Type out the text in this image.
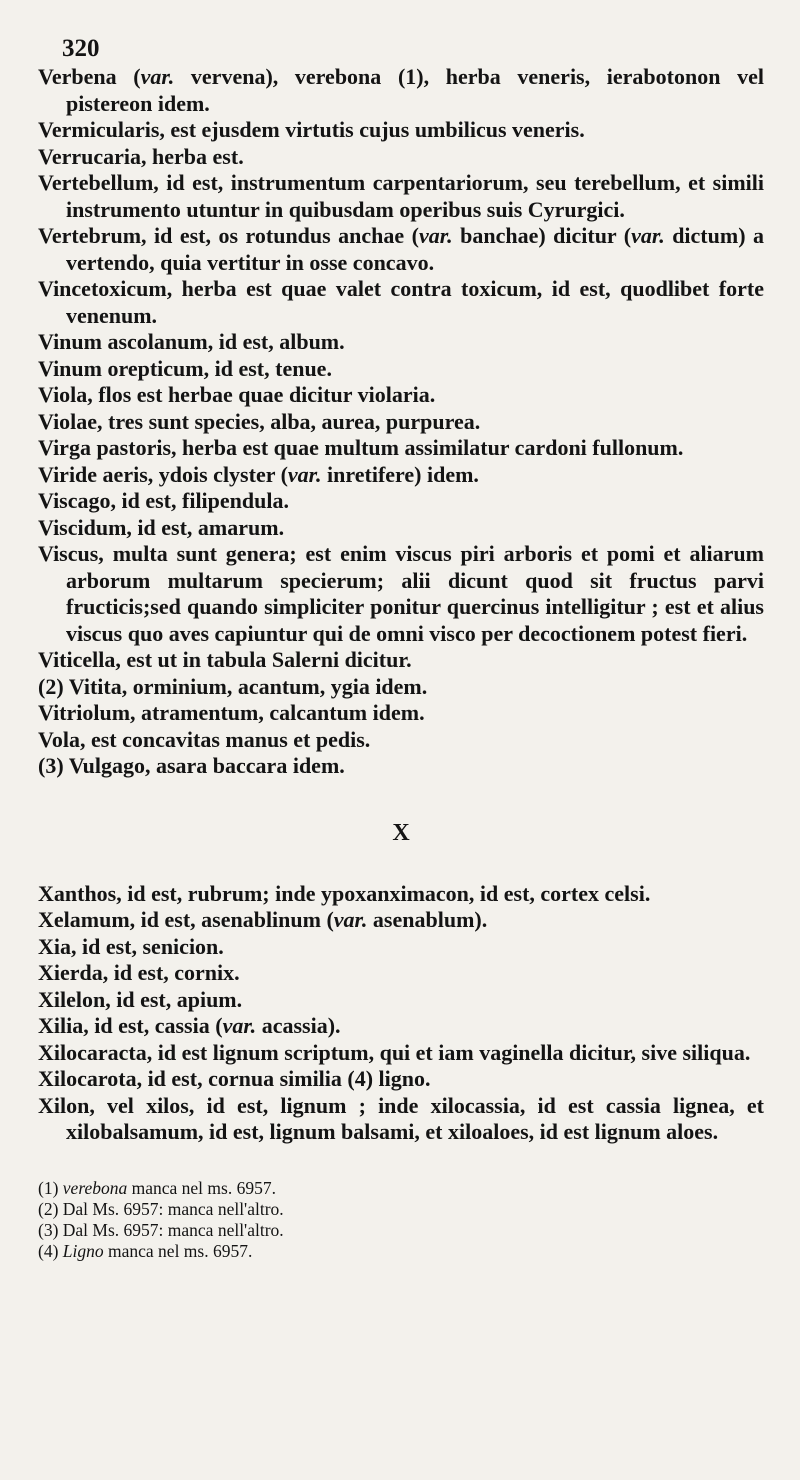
320

Verbena (var. vervena), verebona (1), herba veneris, ierabotonon vel pistereon idem.

Vermicularis, est ejusdem virtutis cujus umbilicus veneris.

Verrucaria, herba est.

Vertebellum, id est, instrumentum carpentariorum, seu terebellum, et simili instrumento utuntur in quibusdam operibus suis Cyrurgici.

Vertebrum, id est, os rotundus anchae (var. banchae) dicitur (var. dictum) a vertendo, quia vertitur in osse concavo.

Vincetoxicum, herba est quae valet contra toxicum, id est, quodlibet forte venenum.

Vinum ascolanum, id est, album.

Vinum orepticum, id est, tenue.

Viola, flos est herbae quae dicitur violaria.

Violae, tres sunt species, alba, aurea, purpurea.

Virga pastoris, herba est quae multum assimilatur cardoni fullonum.

Viride aeris, ydois clyster (var. inretifere) idem.

Viscago, id est, filipendula.

Viscidum, id est, amarum.

Viscus, multa sunt genera; est enim viscus piri arboris et pomi et aliarum arborum multarum specierum; alii dicunt quod sit fructus parvi fructicis;sed quando simpliciter ponitur quercinus intelligitur ; est et alius viscus quo aves capiuntur qui de omni visco per decoctionem potest fieri.

Viticella, est ut in tabula Salerni dicitur.

(2) Vitita, orminium, acantum, ygia idem.

Vitriolum, atramentum, calcantum idem.

Vola, est concavitas manus et pedis.

(3) Vulgago, asara baccara idem.

X

Xanthos, id est, rubrum; inde ypoxanximacon, id est, cortex celsi.

Xelamum, id est, asenablinum (var. asenablum).

Xia, id est, senicion.

Xierda, id est, cornix.

Xilelon, id est, apium.

Xilia, id est, cassia (var. acassia).

Xilocaracta, id est lignum scriptum, qui et iam vaginella dicitur, sive siliqua.

Xilocarota, id est, cornua similia (4) ligno.

Xilon, vel xilos, id est, lignum ; inde xilocassia, id est cassia lignea, et xilobalsamum, id est, lignum balsami, et xiloaloes, id est lignum aloes.

(1) verebona manca nel ms. 6957.

(2) Dal Ms. 6957: manca nell'altro.

(3) Dal Ms. 6957: manca nell'altro.

(4) Ligno manca nel ms. 6957.
